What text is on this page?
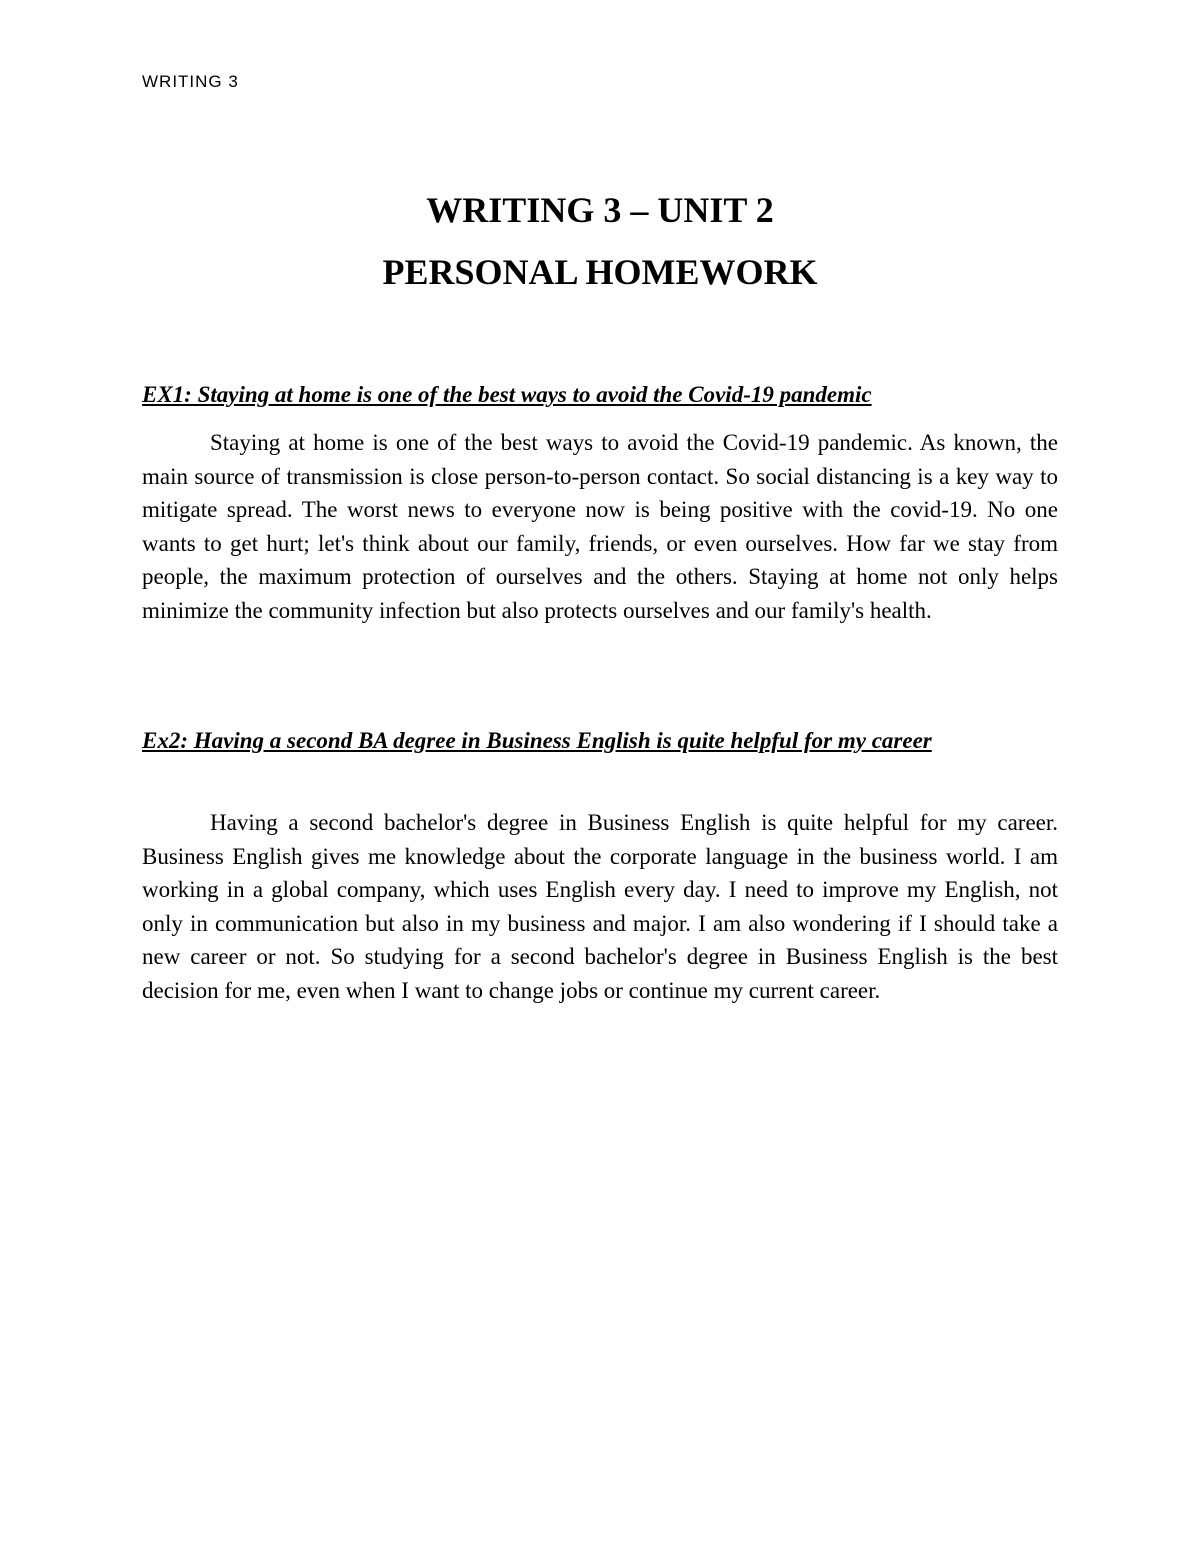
WRITING 3
WRITING 3 – UNIT 2
PERSONAL HOMEWORK
EX1: Staying at home is one of the best ways to avoid the Covid-19 pandemic
Staying at home is one of the best ways to avoid the Covid-19 pandemic. As known, the main source of transmission is close person-to-person contact. So social distancing is a key way to mitigate spread. The worst news to everyone now is being positive with the covid-19. No one wants to get hurt; let's think about our family, friends, or even ourselves. How far we stay from people, the maximum protection of ourselves and the others. Staying at home not only helps minimize the community infection but also protects ourselves and our family's health.
Ex2: Having a second BA degree in Business English is quite helpful for my career
Having a second bachelor's degree in Business English is quite helpful for my career. Business English gives me knowledge about the corporate language in the business world. I am working in a global company, which uses English every day. I need to improve my English, not only in communication but also in my business and major. I am also wondering if I should take a new career or not. So studying for a second bachelor's degree in Business English is the best decision for me, even when I want to change jobs or continue my current career.
